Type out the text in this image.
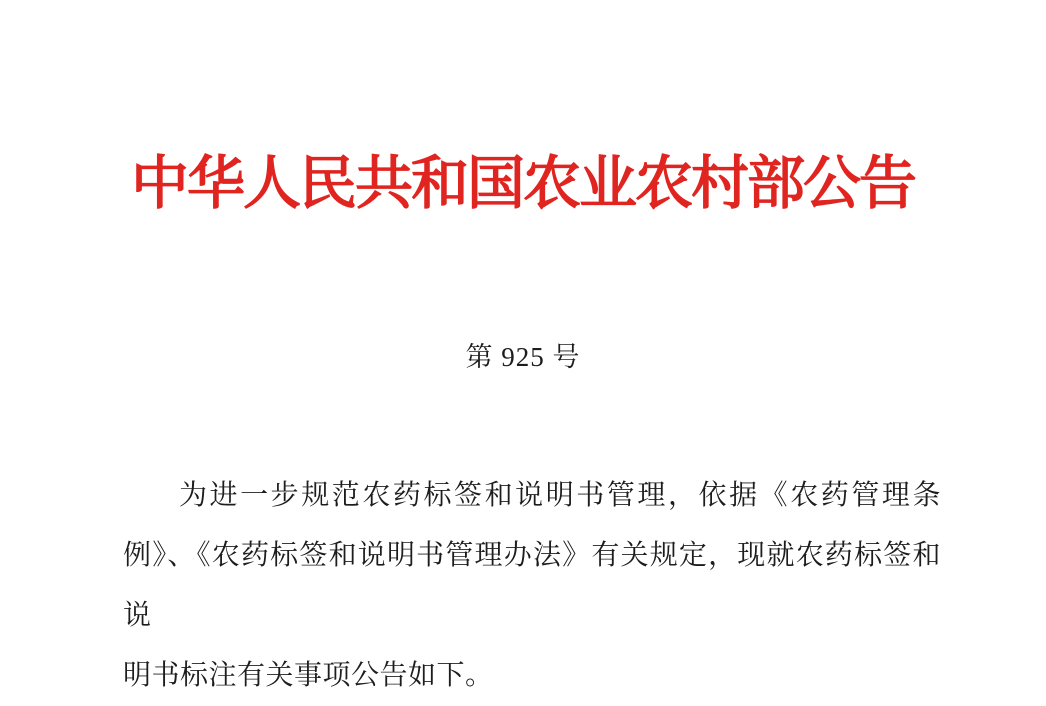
中华人民共和国农业农村部公告
第 925 号
为进一步规范农药标签和说明书管理，依据《农药管理条
例》、《农药标签和说明书管理办法》有关规定，现就农药标签和说
明书标注有关事项公告如下。
